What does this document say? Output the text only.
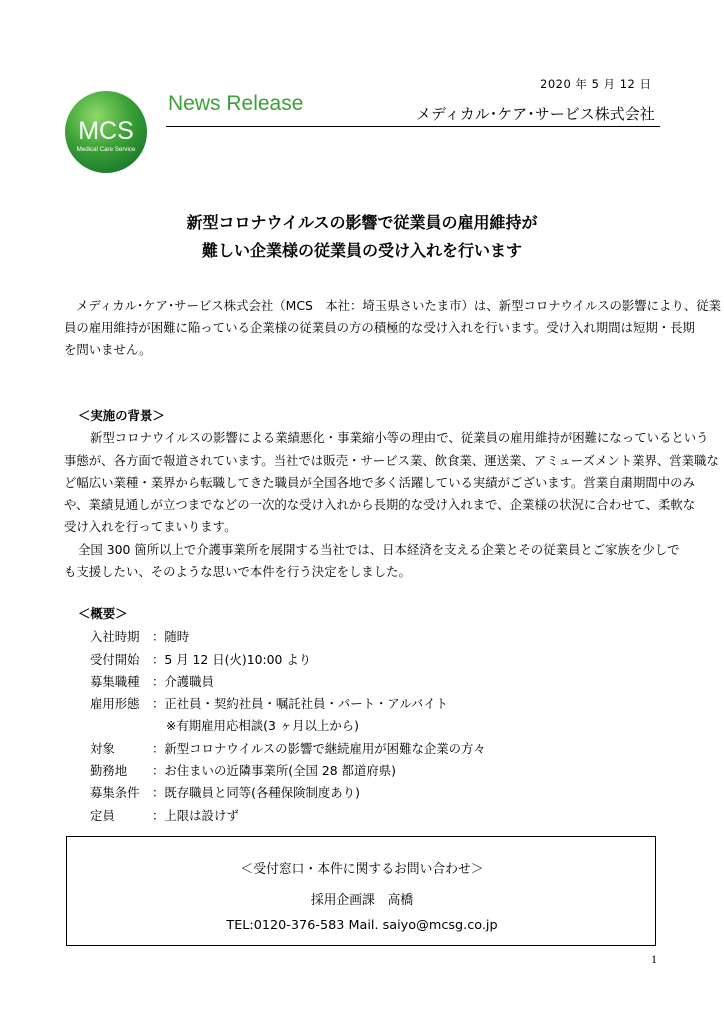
2020 年 5 月 12 日
MCS
Medical Care Service
News Release	メディカル･ケア･サービス株式会社
新型コロナウイルスの影響で従業員の雇用維持が
難しい企業様の従業員の受け入れを行います
メディカル･ケア･サービス株式会社（MCS　本社：埼玉県さいたま市）は、新型コロナウイルスの影響により、従業
員の雇用維持が困難に陥っている企業様の従業員の方の積極的な受け入れを行います。受け入れ期間は短期・長期
を問いません。
＜実施の背景＞
新型コロナウイルスの影響による業績悪化・事業縮小等の理由で、従業員の雇用維持が困難になっているという
事態が、各方面で報道されています。当社では販売・サービス業、飲食業、運送業、アミューズメント業界、営業職な
ど幅広い業種・業界から転職してきた職員が全国各地で多く活躍している実績がございます。営業自粛期間中のみ
や、業績見通しが立つまでなどの一次的な受け入れから長期的な受け入れまで、企業様の状況に合わせて、柔軟な
受け入れを行ってまいります。
全国 300 箇所以上で介護事業所を展開する当社では、日本経済を支える企業とその従業員とご家族を少しで
も支援したい、そのような思いで本件を行う決定をしました。
＜概要＞
入社時期 ：随時
受付開始 ：5 月 12 日(火)10:00 より
募集職種 ：介護職員
雇用形態 ：正社員・契約社員・嘱託社員・パート・アルバイト
※有期雇用応相談(3 ヶ月以上から)
対象	：新型コロナウイルスの影響で継続雇用が困難な企業の方々
勤務地 ：お住まいの近隣事業所(全国 28 都道府県)
募集条件 ：既存職員と同等(各種保険制度あり)
定員	：上限は設けず
＜受付窓口・本件に関するお問い合わせ＞
採用企画課　高橋
TEL:0120-376-583 Mail. saiyo@mcsg.co.jp
1
